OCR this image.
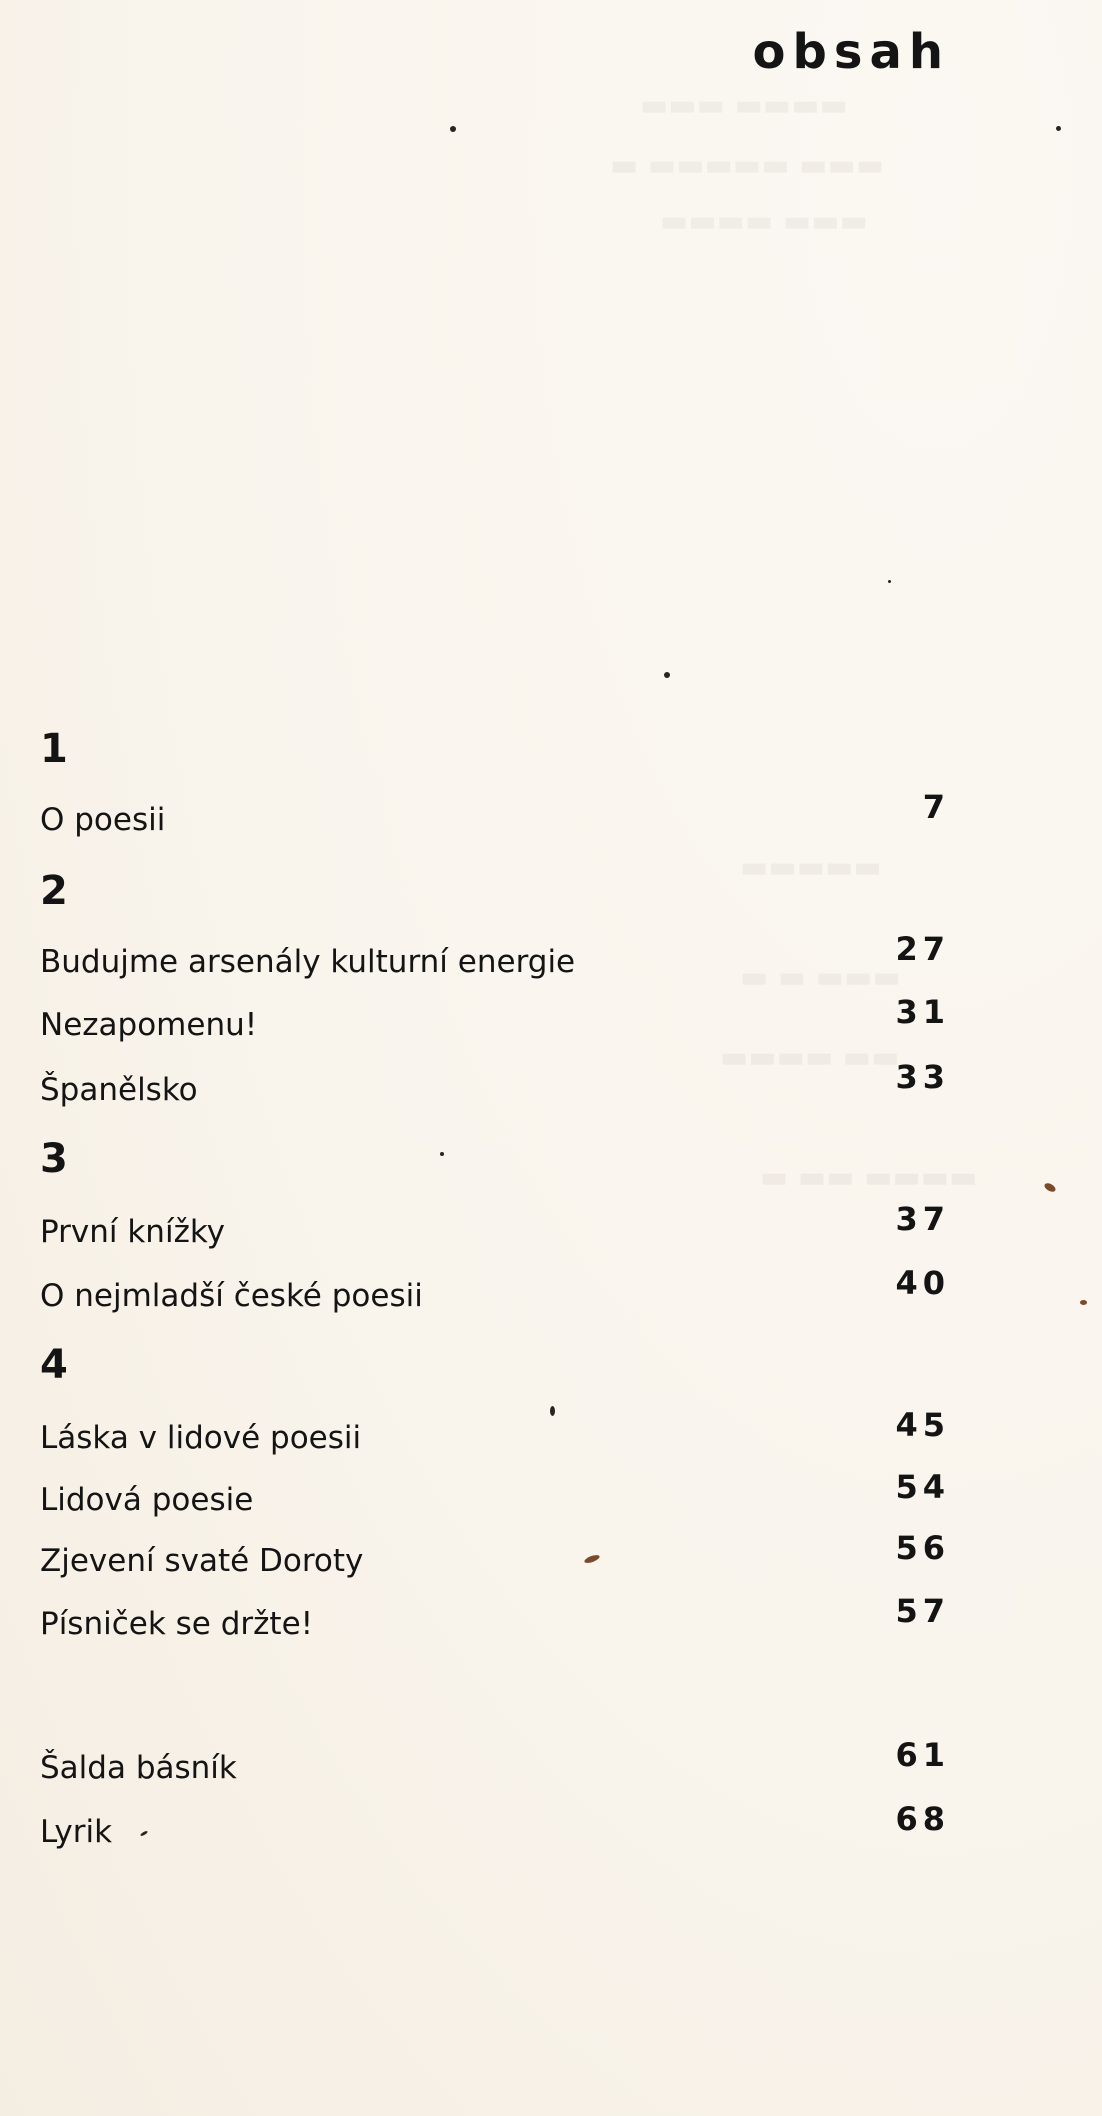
obsah
▬▬▬ ▬▬▬▬
▬ ▬▬▬▬▬ ▬▬▬
▬▬▬▬ ▬▬▬
▬▬▬▬▬
▬ ▬ ▬▬▬
▬▬▬▬ ▬▬
▬ ▬▬ ▬▬▬▬
1
O poesii	7
2
Budujme arsenály kulturní energie	27
Nezapomenu!	31
Španělsko	33
3
První knížky	37
O nejmladší české poesii	40
4
Láska v lidové poesii	45
Lidová poesie	54
Zjevení svaté Doroty	56
Písniček se držte!	57
Šalda básník	61
Lyrik	68
